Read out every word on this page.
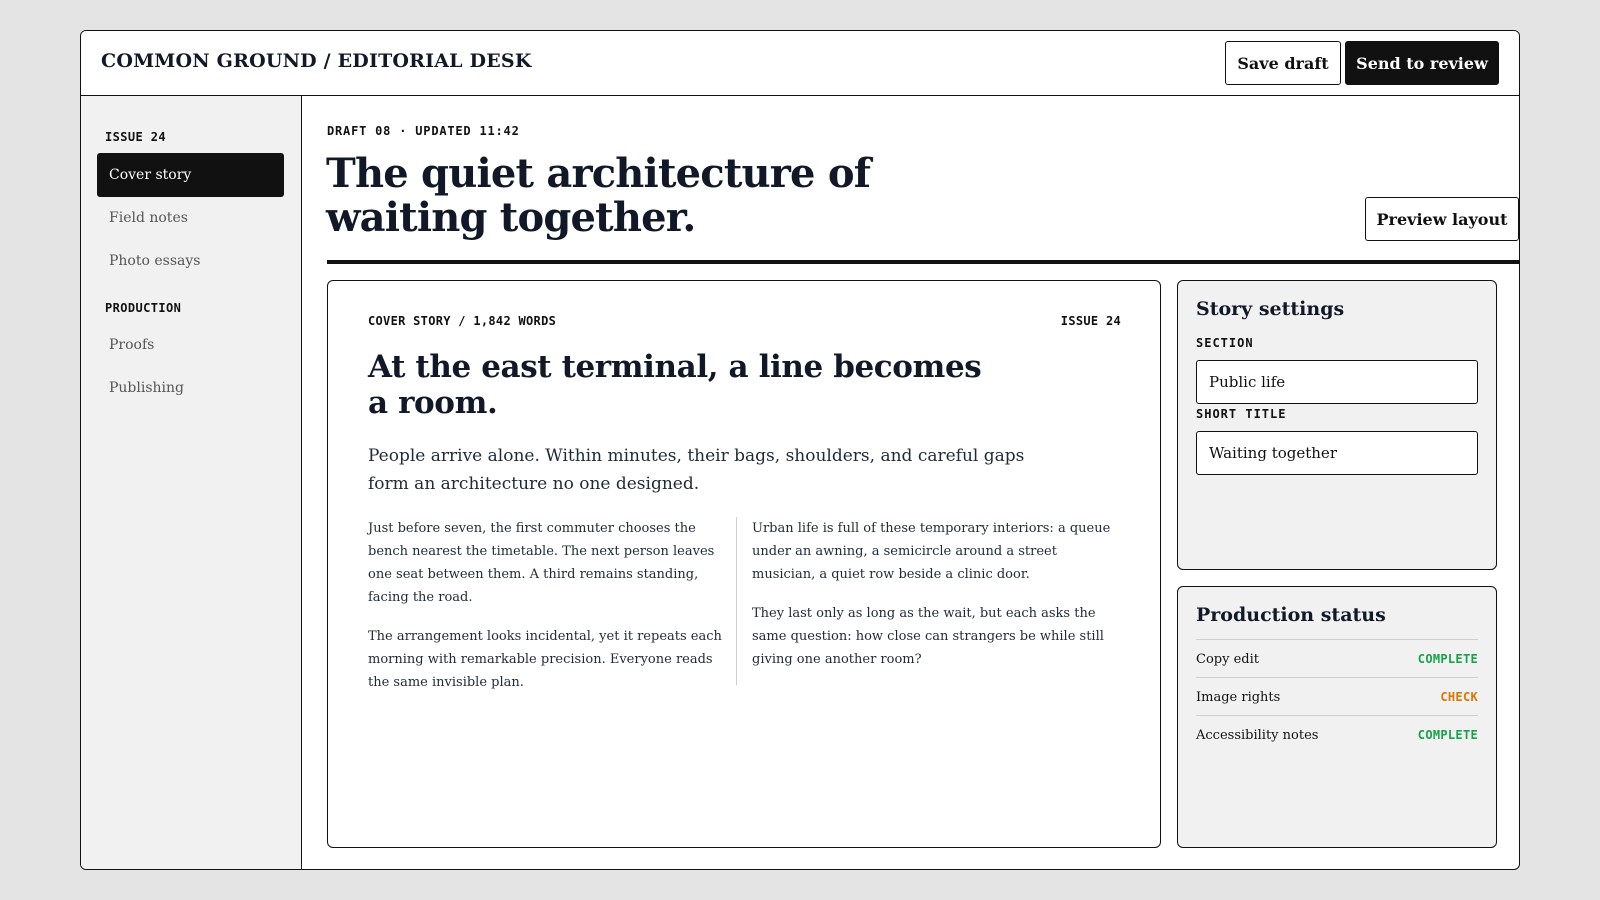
COMMON GROUND / EDITORIAL DESK	Save draft	Send to review
ISSUE 24
Cover story
Field notes
Photo essays
PRODUCTION
Proofs
Publishing
DRAFT 08 · UPDATED 11:42
The quiet architecture of waiting together.	Preview layout
COVER STORY / 1,842 WORDS	ISSUE 24
At the east terminal, a line becomes a room.

People arrive alone. Within minutes, their bags, shoulders, and careful gaps form an architecture no one designed.

Just before seven, the first commuter chooses the bench nearest the timetable. The next person leaves one seat between them. A third remains standing, facing the road.

The arrangement looks incidental, yet it repeats each morning with remarkable precision. Everyone reads the same invisible plan.

Urban life is full of these temporary interiors: a queue under an awning, a semicircle around a street musician, a quiet row beside a clinic door.

They last only as long as the wait, but each asks the same question: how close can strangers be while still giving one another room?

Story settings
SECTION
Public life
SHORT TITLE
Waiting together
Production status
Copy edit	COMPLETE
Image rights	CHECK
Accessibility notes	COMPLETE
